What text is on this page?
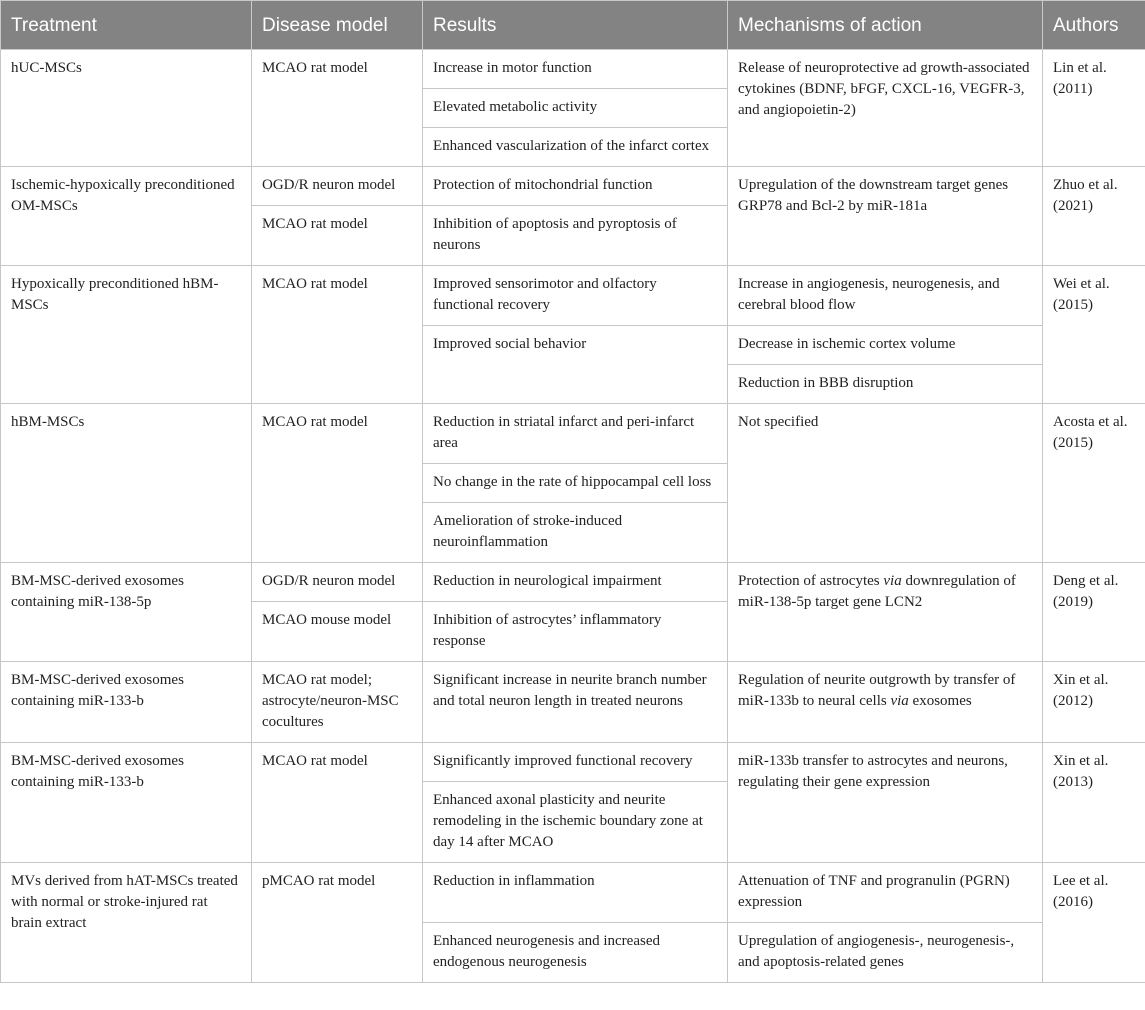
Treatment	Disease model	Results	Mechanisms of action	Authors
hUC-MSCs	MCAO rat model	Increase in motor function	Release of neuroprotective ad growth-associated cytokines (BDNF, bFGF, CXCL-16, VEGFR-3, and angiopoietin-2)	Lin et al. (2011)
		Elevated metabolic activity		
		Enhanced vascularization of the infarct cortex		
Ischemic-hypoxically preconditioned OM-MSCs	OGD/R neuron model	Protection of mitochondrial function	Upregulation of the downstream target genes GRP78 and Bcl-2 by miR-181a	Zhuo et al. (2021)
	MCAO rat model	Inhibition of apoptosis and pyroptosis of neurons		
Hypoxically preconditioned hBM-MSCs	MCAO rat model	Improved sensorimotor and olfactory functional recovery	Increase in angiogenesis, neurogenesis, and cerebral blood flow	Wei et al. (2015)
		Improved social behavior	Decrease in ischemic cortex volume	
			Reduction in BBB disruption	
hBM-MSCs	MCAO rat model	Reduction in striatal infarct and peri-infarct area	Not specified	Acosta et al. (2015)
		No change in the rate of hippocampal cell loss		
		Amelioration of stroke-induced neuroinflammation		
BM-MSC-derived exosomes containing miR-138-5p	OGD/R neuron model	Reduction in neurological impairment	Protection of astrocytes via downregulation of miR-138-5p target gene LCN2	Deng et al. (2019)
	MCAO mouse model	Inhibition of astrocytes’ inflammatory response		
BM-MSC-derived exosomes containing miR-133-b	MCAO rat model; astrocyte/neuron-MSC cocultures	Significant increase in neurite branch number and total neuron length in treated neurons	Regulation of neurite outgrowth by transfer of miR-133b to neural cells via exosomes	Xin et al. (2012)
BM-MSC-derived exosomes containing miR-133-b	MCAO rat model	Significantly improved functional recovery	miR-133b transfer to astrocytes and neurons, regulating their gene expression	Xin et al. (2013)
		Enhanced axonal plasticity and neurite remodeling in the ischemic boundary zone at day 14 after MCAO		
MVs derived from hAT-MSCs treated with normal or stroke-injured rat brain extract	pMCAO rat model	Reduction in inflammation	Attenuation of TNF and progranulin (PGRN) expression	Lee et al. (2016)
		Enhanced neurogenesis and increased endogenous neurogenesis	Upregulation of angiogenesis-, neurogenesis-, and apoptosis-related genes	
